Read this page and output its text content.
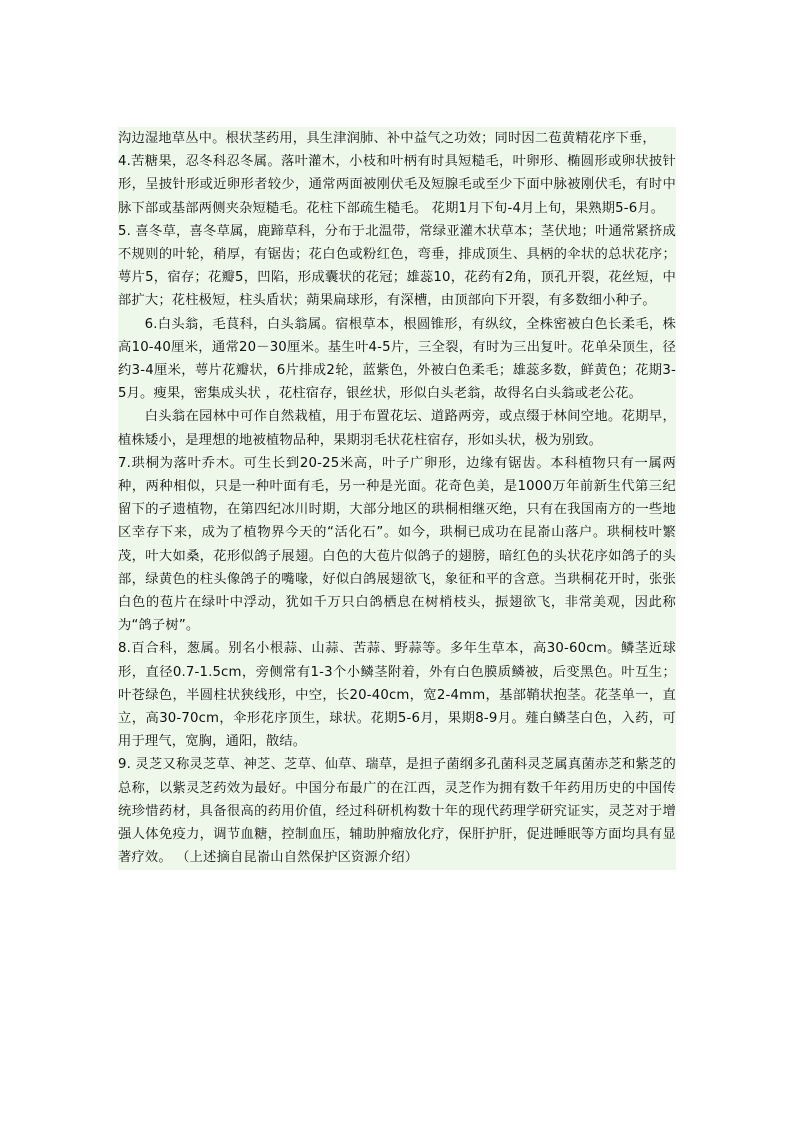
沟边湿地草丛中。根状茎药用，具生津润肺、补中益气之功效；同时因二苞黄精花序下垂，

4.苦糖果，忍冬科忍冬属。落叶灌木，小枝和叶柄有时具短糙毛，叶卵形、椭圆形或卵状披针形，呈披针形或近卵形者较少，通常两面被刚伏毛及短腺毛或至少下面中脉被刚伏毛，有时中脉下部或基部两侧夹杂短糙毛。花柱下部疏生糙毛。 花期1月下旬-4月上旬，果熟期5-6月。

5. 喜冬草，喜冬草属，鹿蹄草科，分布于北温带，常绿亚灌木状草本；茎伏地；叶通常紧挤成不规则的叶轮，稍厚，有锯齿；花白色或粉红色，弯垂，排成顶生、具柄的伞状的总状花序；萼片5，宿存；花瓣5，凹陷，形成囊状的花冠；雄蕊10，花药有2角，顶孔开裂，花丝短，中部扩大；花柱极短，柱头盾状；蒴果扁球形，有深槽，由顶部向下开裂，有多数细小种子。

6.白头翁，毛茛科，白头翁属。宿根草本，根圆锥形，有纵纹，全株密被白色长柔毛，株高10-40厘米，通常20－30厘米。基生叶4-5片，三全裂，有时为三出复叶。花单朵顶生，径约3-4厘米，萼片花瓣状，6片排成2轮，蓝紫色，外被白色柔毛；雄蕊多数，鲜黄色；花期3-5月。瘦果，密集成头状 ，花柱宿存，银丝状，形似白头老翁，故得名白头翁或老公花。

白头翁在园林中可作自然栽植，用于布置花坛、道路两旁，或点缀于林间空地。花期早，植株矮小，是理想的地被植物品种，果期羽毛状花柱宿存，形如头状，极为别致。

7.珙桐为落叶乔木。可生长到20-25米高，叶子广卵形，边缘有锯齿。本科植物只有一属两种，两种相似，只是一种叶面有毛，另一种是光面。花奇色美，是1000万年前新生代第三纪留下的孑遗植物，在第四纪冰川时期，大部分地区的珙桐相继灭绝，只有在我国南方的一些地区幸存下来，成为了植物界今天的“活化石”。如今，珙桐已成功在昆嵛山落户。珙桐枝叶繁茂，叶大如桑，花形似鸽子展翅。白色的大苞片似鸽子的翅膀，暗红色的头状花序如鸽子的头部，绿黄色的柱头像鸽子的嘴喙，好似白鸽展翅欲飞，象征和平的含意。当珙桐花开时，张张白色的苞片在绿叶中浮动，犹如千万只白鸽栖息在树梢枝头，振翅欲飞，非常美观，因此称为“鸽子树”。

8.百合科，葱属。别名小根蒜、山蒜、苦蒜、野蒜等。多年生草本，高30-60cm。鳞茎近球形，直径0.7-1.5cm，旁侧常有1-3个小鳞茎附着，外有白色膜质鳞被，后变黑色。叶互生；叶苍绿色，半圆柱状狭线形，中空，长20-40cm，宽2-4mm，基部鞘状抱茎。花茎单一，直立，高30-70cm，伞形花序顶生，球状。花期5-6月，果期8-9月。薤白鳞茎白色，入药，可用于理气，宽胸，通阳，散结。

9. 灵芝又称灵芝草、神芝、芝草、仙草、瑞草，是担子菌纲多孔菌科灵芝属真菌赤芝和紫芝的总称，以紫灵芝药效为最好。中国分布最广的在江西，灵芝作为拥有数千年药用历史的中国传统珍惜药材，具备很高的药用价值，经过科研机构数十年的现代药理学研究证实，灵芝对于增强人体免疫力，调节血糖，控制血压，辅助肿瘤放化疗，保肝护肝，促进睡眠等方面均具有显著疗效。 （上述摘自昆嵛山自然保护区资源介绍）
